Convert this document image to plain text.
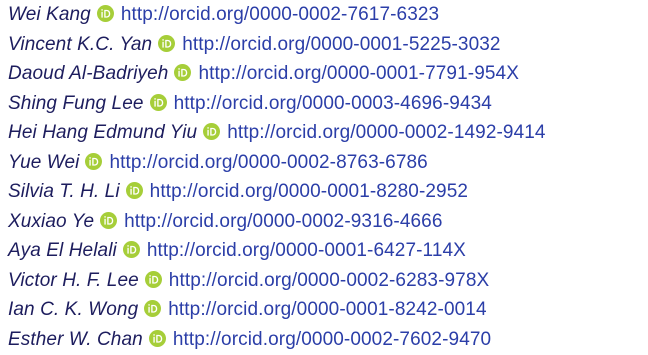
Wei Kang http://orcid.org/0000-0002-7617-6323
Vincent K.C. Yan http://orcid.org/0000-0001-5225-3032
Daoud Al-Badriyeh http://orcid.org/0000-0001-7791-954X
Shing Fung Lee http://orcid.org/0000-0003-4696-9434
Hei Hang Edmund Yiu http://orcid.org/0000-0002-1492-9414
Yue Wei http://orcid.org/0000-0002-8763-6786
Silvia T. H. Li http://orcid.org/0000-0001-8280-2952
Xuxiao Ye http://orcid.org/0000-0002-9316-4666
Aya El Helali http://orcid.org/0000-0001-6427-114X
Victor H. F. Lee http://orcid.org/0000-0002-6283-978X
Ian C. K. Wong http://orcid.org/0000-0001-8242-0014
Esther W. Chan http://orcid.org/0000-0002-7602-9470
